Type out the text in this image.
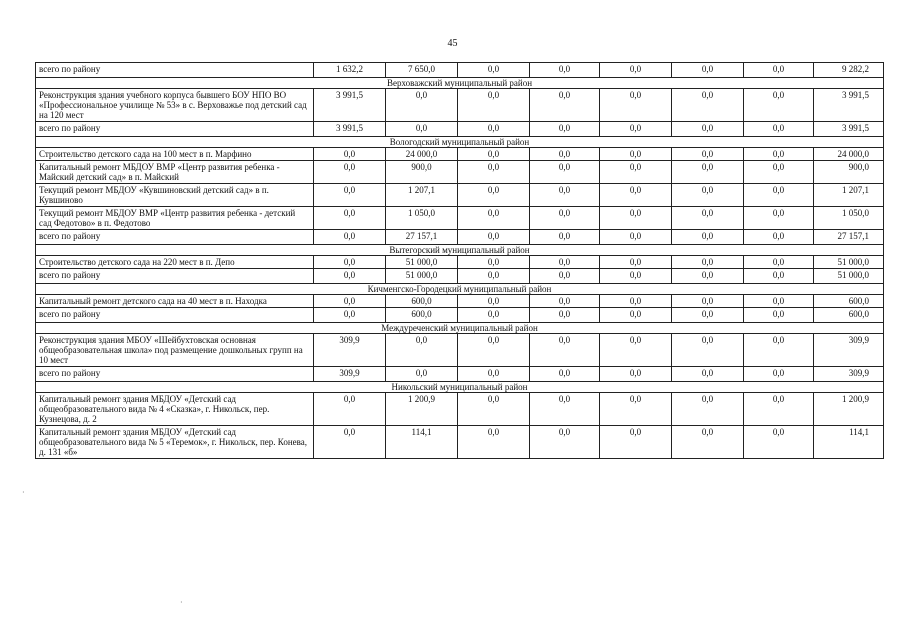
45
всего по району	1 632,2	7 650,0	0,0	0,0	0,0	0,0	0,0	9 282,2
Верховажский муниципальный район								
Реконструкция здания учебного корпуса бывшего БОУ НПО ВО «Профессиональное училище № 53» в с. Верховажье под детский сад на 120 мест	3 991,5	0,0	0,0	0,0	0,0	0,0	0,0	3 991,5
всего по району	3 991,5	0,0	0,0	0,0	0,0	0,0	0,0	3 991,5
Вологодский муниципальный район								
Строительство детского сада на 100 мест в п. Марфино	0,0	24 000,0	0,0	0,0	0,0	0,0	0,0	24 000,0
Капитальный ремонт МБДОУ ВМР «Центр развития ребенка - Майский детский сад» в п. Майский	0,0	900,0	0,0	0,0	0,0	0,0	0,0	900,0
Текущий ремонт МБДОУ «Кувшиновский детский сад» в п. Кувшиново	0,0	1 207,1	0,0	0,0	0,0	0,0	0,0	1 207,1
Текущий ремонт МБДОУ ВМР «Центр развития ребенка - детский сад Федотово» в п. Федотово	0,0	1 050,0	0,0	0,0	0,0	0,0	0,0	1 050,0
всего по району	0,0	27 157,1	0,0	0,0	0,0	0,0	0,0	27 157,1
Вытегорский муниципальный район								
Строительство детского сада на 220 мест в п. Депо	0,0	51 000,0	0,0	0,0	0,0	0,0	0,0	51 000,0
всего по району	0,0	51 000,0	0,0	0,0	0,0	0,0	0,0	51 000,0
Кичменгско-Городецкий муниципальный район								
Капитальный ремонт детского сада на 40 мест в п. Находка	0,0	600,0	0,0	0,0	0,0	0,0	0,0	600,0
всего по району	0,0	600,0	0,0	0,0	0,0	0,0	0,0	600,0
Междуреченский муниципальный район								
Реконструкция здания МБОУ «Шейбухтовская основная общеобразовательная школа» под размещение дошкольных групп на 10 мест	309,9	0,0	0,0	0,0	0,0	0,0	0,0	309,9
всего по району	309,9	0,0	0,0	0,0	0,0	0,0	0,0	309,9
Никольский муниципальный район								
Капитальный ремонт здания МБДОУ «Детский сад общеобразовательного вида № 4 «Сказка», г. Никольск, пер. Кузнецова, д. 2	0,0	1 200,9	0,0	0,0	0,0	0,0	0,0	1 200,9
Капитальный ремонт здания МБДОУ «Детский сад общеобразовательного вида № 5 «Теремок», г. Никольск, пер. Конева, д. 131 «б»	0,0	114,1	0,0	0,0	0,0	0,0	0,0	114,1
·
·
